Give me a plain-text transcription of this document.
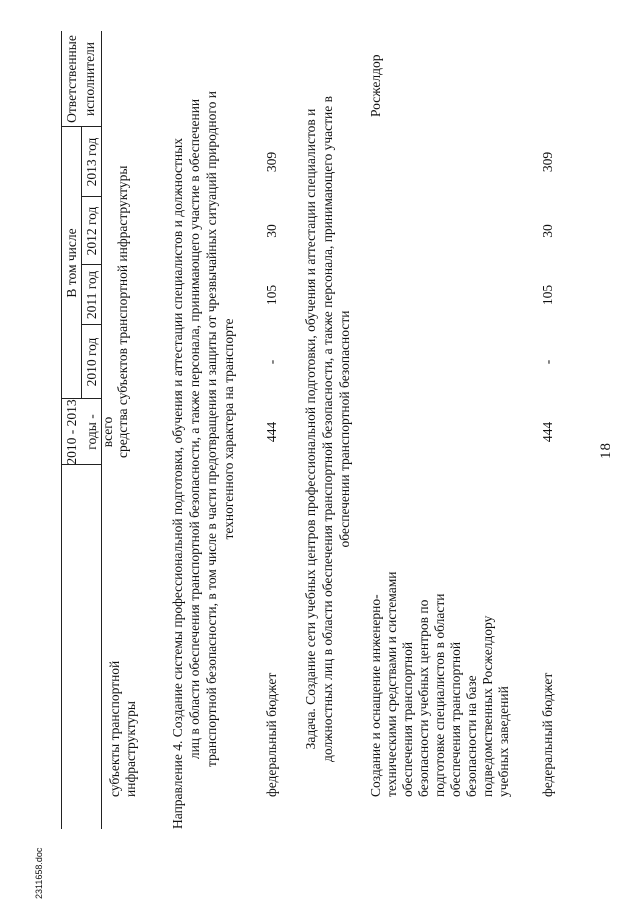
18
2311658.doc
2010 - 2013 годы - всего
В том числе
2010 год
2011 год
2012 год
2013 год
Ответственные исполнители
субъекты транспортной инфраструктуры
средства субъектов транспортной инфраструктуры	Направление 4. Создание системы профессиональной подготовки, обучения и аттестации специалистов и должностных лиц в области обеспечения транспортной безопасности, а также персонала, принимающего участие в обеспечении транспортной безопасности, в том числе в части предотвращения и защиты от чрезвычайных ситуаций природного и техногенного характера на транспорте
федеральный бюджет
444
-
105
30
309 Задача. Создание сети учебных центров профессиональной подготовки, обучения и аттестации специалистов и должностных лиц в области обеспечения транспортной безопасности, а также персонала, принимающего участие в обеспечении транспортной безопасности
Создание и оснащение инженерно- техническими средствами и системами обеспечения транспортной безопасности учебных центров по подготовке специалистов в области обеспечения транспортной безопасности на базе подведомственных Росжелдору учебных заведений
Росжелдор
федеральный бюджет
444
-
105
30
309
